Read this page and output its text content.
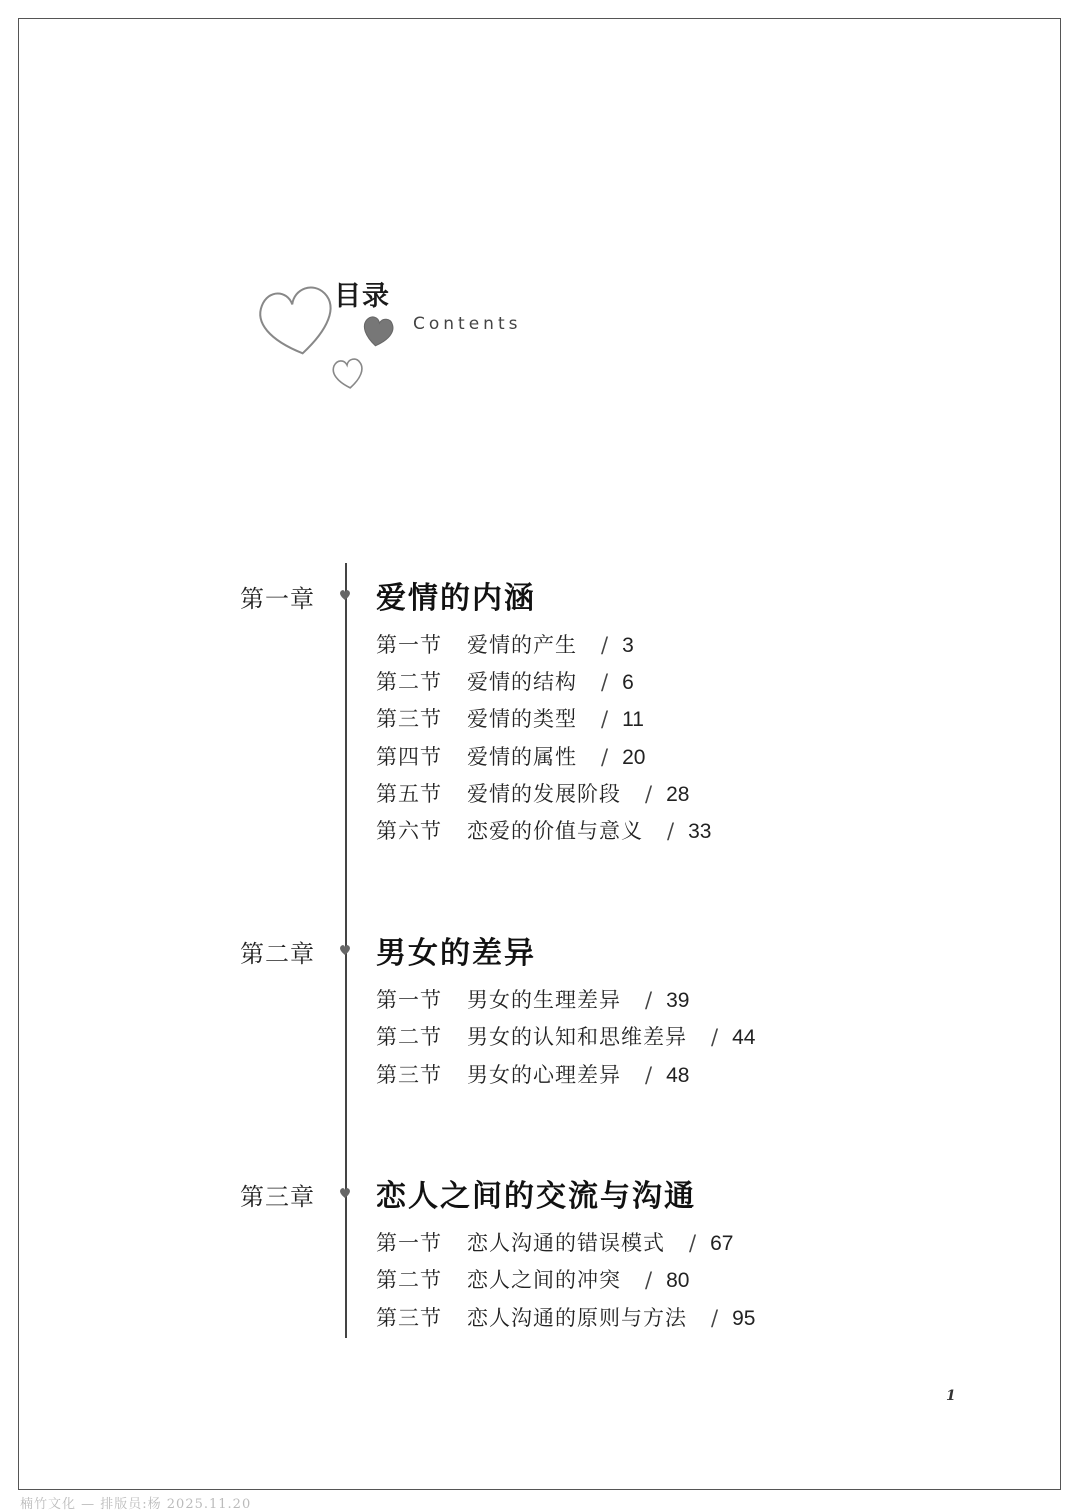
目录
Contents
第一章 爱情的内涵
第一节	爱情的产生 / 3
第二节	爱情的结构 / 6
第三节	爱情的类型 / 11
第四节	爱情的属性 / 20
第五节	爱情的发展阶段 / 28
第六节	恋爱的价值与意义 / 33
第二章 男女的差异
第一节	男女的生理差异 / 39
第二节	男女的认知和思维差异 / 44
第三节	男女的心理差异 / 48
第三章 恋人之间的交流与沟通
第一节	恋人沟通的错误模式 / 67
第二节	恋人之间的冲突 / 80
第三节	恋人沟通的原则与方法 / 95
1
楠竹文化 — 排版员:杨 2025.11.20
